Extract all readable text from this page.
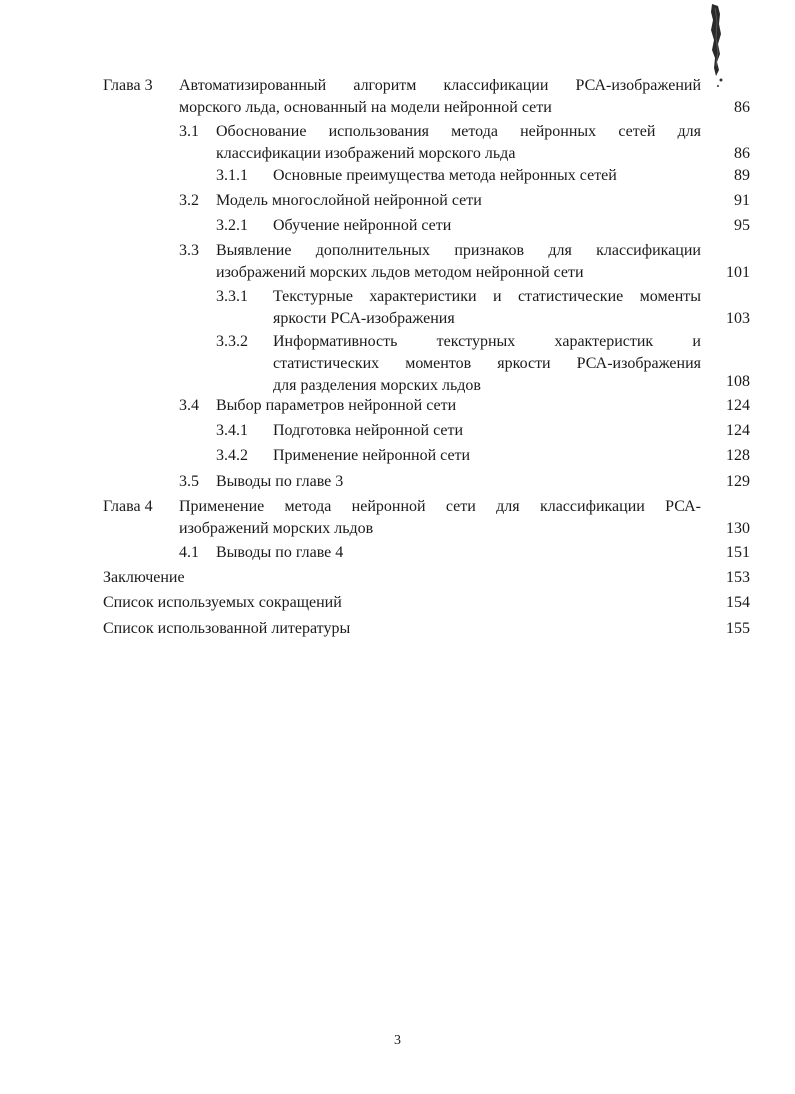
Глава 3 Автоматизированный алгоритм классификации РСА-изображений
морского льда, основанный на модели нейронной сети	86
3.1 Обоснование использования метода нейронных сетей для
классификации изображений морского льда	86
3.1.1 Основные преимущества метода нейронных сетей	89
3.2 Модель многослойной нейронной сети	91
3.2.1 Обучение нейронной сети	95
3.3 Выявление дополнительных признаков для классификации
изображений морских льдов методом нейронной сети	101
3.3.1 Текстурные характеристики и статистические моменты
яркости РСА-изображения	103
3.3.2 Информативность текстурных характеристик и
статистических моментов яркости РСА-изображения
для разделения морских льдов	108
3.4 Выбор параметров нейронной сети	124
3.4.1 Подготовка нейронной сети	124
3.4.2 Применение нейронной сети	128
3.5 Выводы по главе 3	129
Глава 4 Применение метода нейронной сети для классификации РСА-
изображений морских льдов	130
4.1 Выводы по главе 4	151
Заключение	153
Список используемых сокращений	154
Список использованной литературы	155
3
